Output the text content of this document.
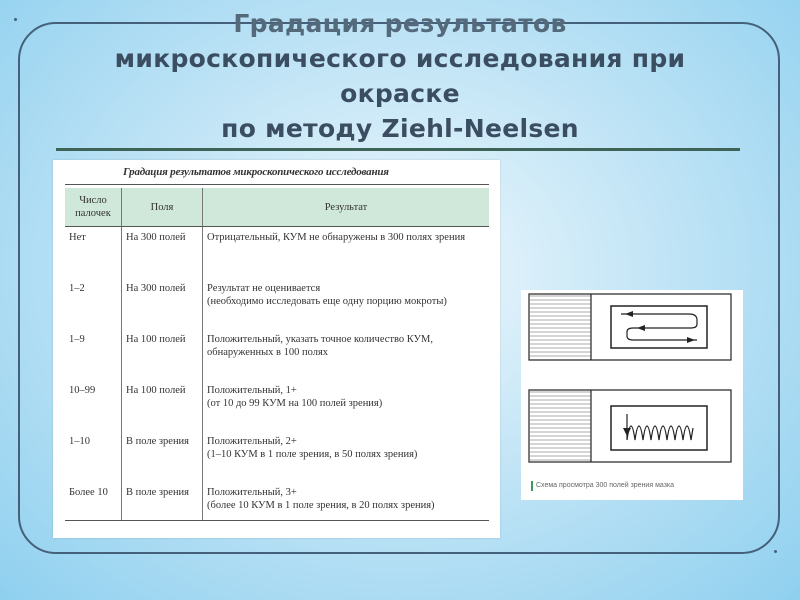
Градация результатов
микроскопического исследования при
окраске
по методу Ziehl-Neelsen
Градация результатов микроскопического исследования
Число палочек	Поля	Результат
Нет	На 300 полей	Отрицательный, КУМ не обнаружены в 300 полях зрения

1–2	На 300 полей	Результат не оценивается
(необходимо исследовать еще одну порцию мокроты)

1–9	На 100 полей	Положительный, указать точное количество КУМ,
обнаруженных в 100 полях

10–99	На 100 полей	Положительный, 1+
(от 10 до 99 КУМ на 100 полей зрения)

1–10	В поле зрения	Положительный, 2+
(1–10 КУМ в 1 поле зрения, в 50 полях зрения)

Более 10	В поле зрения	Положительный, 3+
(более 10 КУМ в 1 поле зрения, в 20 полях зрения)
Схема просмотра 300 полей зрения мазка
